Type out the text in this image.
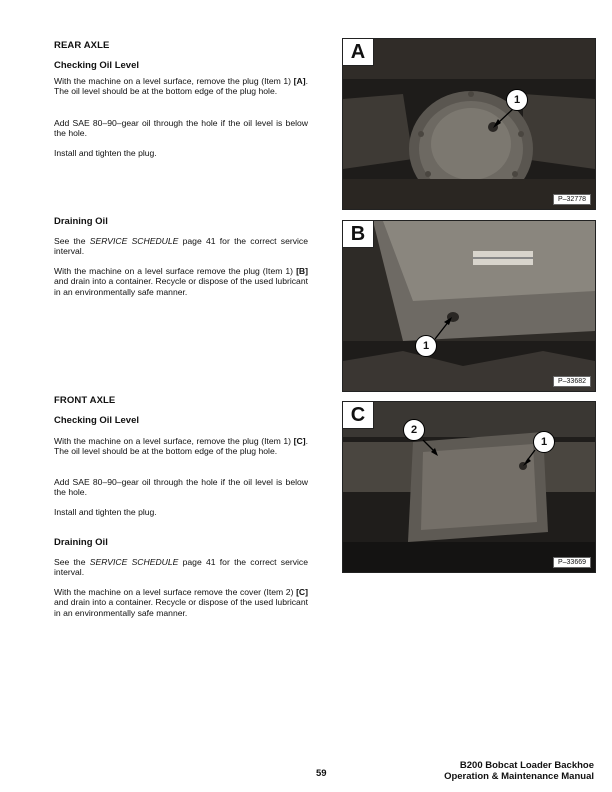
REAR AXLE
Checking Oil Level

With the machine on a level surface, remove the plug (Item 1) [A]. The oil level should be at the bottom edge of the plug hole.

Add SAE 80–90–gear oil through the hole if the oil level is below the hole.

Install and tighten the plug.

Draining Oil

See the SERVICE SCHEDULE page 41 for the correct service interval.

With the machine on a level surface remove the plug (Item 1) [B] and drain into a container. Recycle or dispose of the used lubricant in an environmentally safe manner.

FRONT AXLE
Checking Oil Level

With the machine on a level surface, remove the plug (Item 1) [C]. The oil level should be at the bottom edge of the plug hole.

Add SAE 80–90–gear oil through the hole if the oil level is below the hole.

Install and tighten the plug.

Draining Oil

See the SERVICE SCHEDULE page 41 for the correct service interval.

With the machine on a level surface remove the cover (Item 2) [C] and drain into a container. Recycle or dispose of the used lubricant in an environmentally safe manner.

1
A
P–32778
1
B
P–33682
1
2
C
P–33669
59
B200 Bobcat Loader Backhoe
Operation & Maintenance Manual
